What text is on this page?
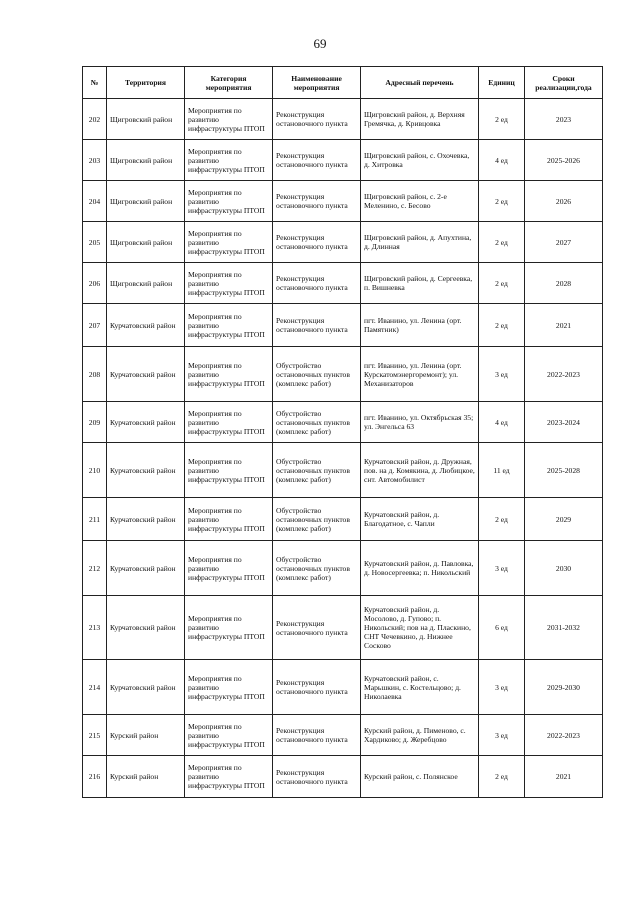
69
№	Территория	Категория мероприятия	Наименование мероприятия	Адресный перечень	Единиц	Сроки реализации,года
202	Щигровский район	Мероприятия по развитию инфраструктуры ПТОП	Реконструкция остановочного пункта	Щигровский район, д. Верхняя Гремячка, д. Кривцовка	2 ед	2023
203	Щигровский район	Мероприятия по развитию инфраструктуры ПТОП	Реконструкция остановочного пункта	Щигровский район, с. Охочевка, д. Хитровка	4 ед	2025-2026
204	Щигровский район	Мероприятия по развитию инфраструктуры ПТОП	Реконструкция остановочного пункта	Щигровский район, с. 2-е Меленино, с. Бесово	2 ед	2026
205	Щигровский район	Мероприятия по развитию инфраструктуры ПТОП	Реконструкция остановочного пункта	Щигровский район, д. Апухтина, д. Длинная	2 ед	2027
206	Щигровский район	Мероприятия по развитию инфраструктуры ПТОП	Реконструкция остановочного пункта	Щигровский район, д. Сергеевка, п. Вишневка	2 ед	2028
207	Курчатовский район	Мероприятия по развитию инфраструктуры ПТОП	Реконструкция остановочного пункта	пгт. Иванино, ул. Ленина (орт. Памятник)	2 ед	2021
208	Курчатовский район	Мероприятия по развитию инфраструктуры ПТОП	Обустройство остановочных пунктов (комплекс работ)	пгт. Иванино, ул. Ленина (орт. Курскатомэнергоремонт); ул. Механизаторов	3 ед	2022-2023
209	Курчатовский район	Мероприятия по развитию инфраструктуры ПТОП	Обустройство остановочных пунктов (комплекс работ)	пгт. Иванино, ул. Октябрьская 35; ул. Энгельса 63	4 ед	2023-2024
210	Курчатовский район	Мероприятия по развитию инфраструктуры ПТОП	Обустройство остановочных пунктов (комплекс работ)	Курчатовский район, д. Дружная, пов. на д. Комякина, д. Любицкое, снт. Автомобилист	11 ед	2025-2028
211	Курчатовский район	Мероприятия по развитию инфраструктуры ПТОП	Обустройство остановочных пунктов (комплекс работ)	Курчатовский район, д. Благодатное, с. Чапли	2 ед	2029
212	Курчатовский район	Мероприятия по развитию инфраструктуры ПТОП	Обустройство остановочных пунктов (комплекс работ)	Курчатовский район, д. Павловка, д. Новосергеевка; п. Никольский	3 ед	2030
213	Курчатовский район	Мероприятия по развитию инфраструктуры ПТОП	Реконструкция остановочного пункта	Курчатовский район, д. Мосолово, д. Гупово; п. Никольский; пов на д. Пласкино, СНТ Чечевкино, д. Нижнее Сосково	6 ед	2031-2032
214	Курчатовский район	Мероприятия по развитию инфраструктуры ПТОП	Реконструкция остановочного пункта	Курчатовский район, с. Марьшкин, с. Костельцово; д. Николаевка	3 ед	2029-2030
215	Курский район	Мероприятия по развитию инфраструктуры ПТОП	Реконструкция остановочного пункта	Курский район, д. Пименово, с. Хардиково; д. Жеребцово	3 ед	2022-2023
216	Курский район	Мероприятия по развитию инфраструктуры ПТОП	Реконструкция остановочного пункта	Курский район, с. Полянское	2 ед	2021
